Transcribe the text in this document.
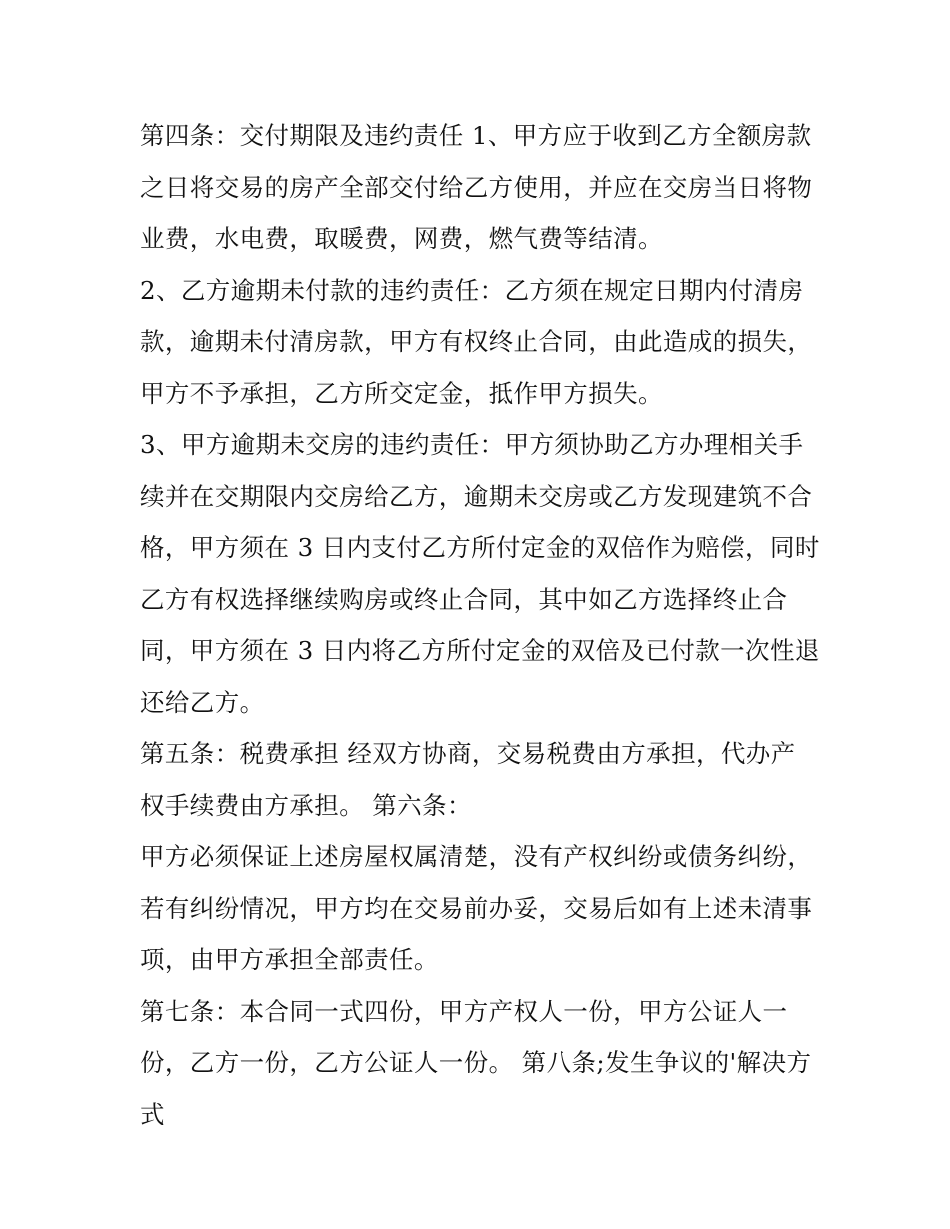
第四条：交付期限及违约责任 1、甲方应于收到乙方全额房款
之日将交易的房产全部交付给乙方使用，并应在交房当日将物
业费，水电费，取暖费，网费，燃气费等结清。
2、乙方逾期未付款的违约责任：乙方须在规定日期内付清房
款，逾期未付清房款，甲方有权终止合同，由此造成的损失，
甲方不予承担，乙方所交定金，抵作甲方损失。
3、甲方逾期未交房的违约责任：甲方须协助乙方办理相关手
续并在交期限内交房给乙方，逾期未交房或乙方发现建筑不合
格，甲方须在 3 日内支付乙方所付定金的双倍作为赔偿，同时
乙方有权选择继续购房或终止合同，其中如乙方选择终止合
同，甲方须在 3 日内将乙方所付定金的双倍及已付款一次性退
还给乙方。
第五条：税费承担 经双方协商，交易税费由方承担，代办产
权手续费由方承担。 第六条：
甲方必须保证上述房屋权属清楚，没有产权纠纷或债务纠纷，
若有纠纷情况，甲方均在交易前办妥，交易后如有上述未清事
项，由甲方承担全部责任。
第七条：本合同一式四份，甲方产权人一份，甲方公证人一
份，乙方一份，乙方公证人一份。 第八条;发生争议的'解决方
式
